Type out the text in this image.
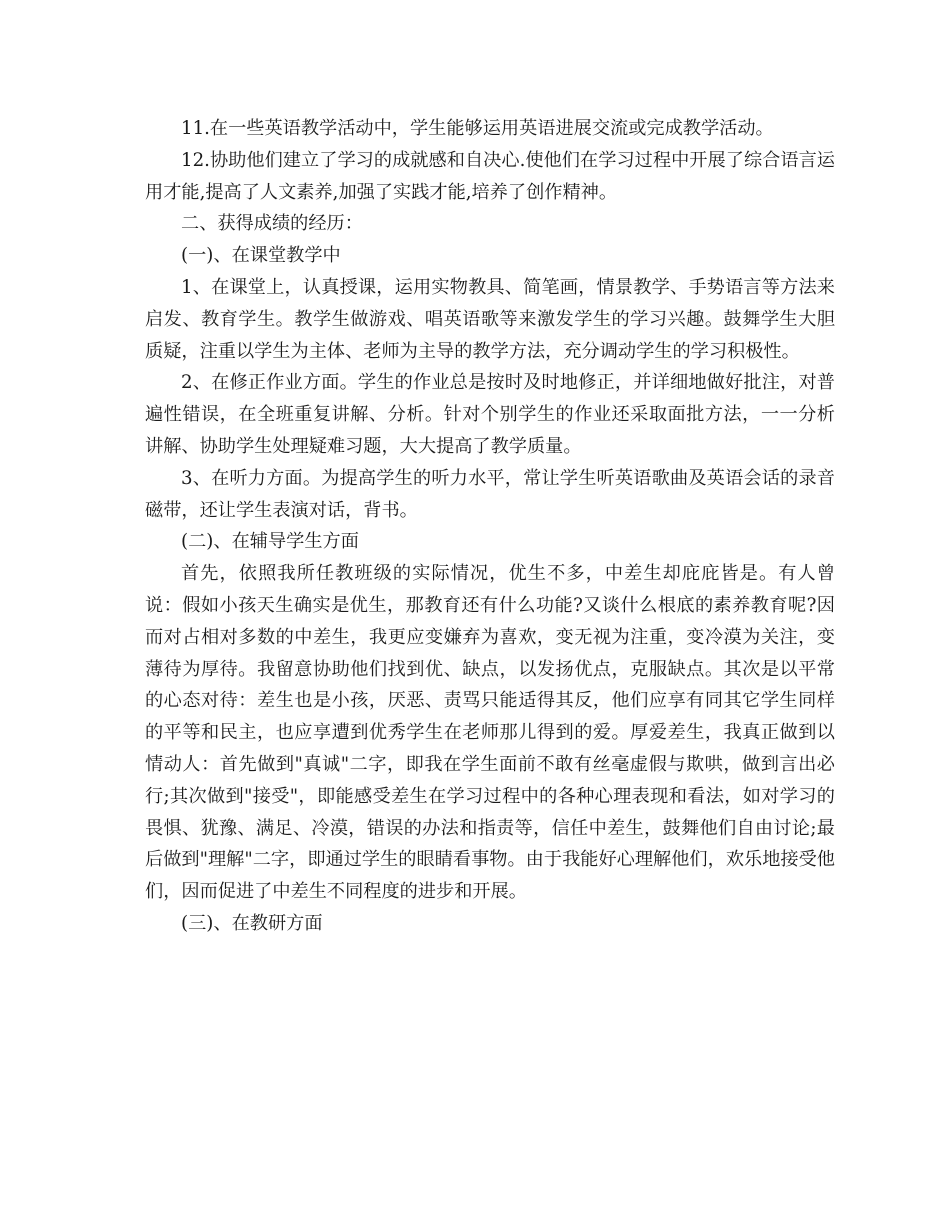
11.在一些英语教学活动中，学生能够运用英语进展交流或完成教学活动。

12.协助他们建立了学习的成就感和自决心.使他们在学习过程中开展了综合语言运用才能,提高了人文素养,加强了实践才能,培养了创作精神。

二、获得成绩的经历：

(一)、在课堂教学中

1、在课堂上，认真授课，运用实物教具、简笔画，情景教学、手势语言等方法来启发、教育学生。教学生做游戏、唱英语歌等来激发学生的学习兴趣。鼓舞学生大胆质疑，注重以学生为主体、老师为主导的教学方法，充分调动学生的学习积极性。

2、在修正作业方面。学生的作业总是按时及时地修正，并详细地做好批注，对普遍性错误，在全班重复讲解、分析。针对个别学生的作业还采取面批方法，一一分析讲解、协助学生处理疑难习题，大大提高了教学质量。

3、在听力方面。为提高学生的听力水平，常让学生听英语歌曲及英语会话的录音磁带，还让学生表演对话，背书。

(二)、在辅导学生方面

首先，依照我所任教班级的实际情况，优生不多，中差生却庇庇皆是。有人曾说：假如小孩天生确实是优生，那教育还有什么功能?又谈什么根底的素养教育呢?因而对占相对多数的中差生，我更应变嫌弃为喜欢，变无视为注重，变冷漠为关注，变薄待为厚待。我留意协助他们找到优、缺点，以发扬优点，克服缺点。其次是以平常的心态对待：差生也是小孩，厌恶、责骂只能适得其反，他们应享有同其它学生同样的平等和民主，也应享遭到优秀学生在老师那儿得到的爱。厚爱差生，我真正做到以情动人：首先做到"真诚"二字，即我在学生面前不敢有丝毫虚假与欺哄，做到言出必行;其次做到"接受"，即能感受差生在学习过程中的各种心理表现和看法，如对学习的畏惧、犹豫、满足、冷漠，错误的办法和指责等，信任中差生，鼓舞他们自由讨论;最后做到"理解"二字，即通过学生的眼睛看事物。由于我能好心理解他们，欢乐地接受他们，因而促进了中差生不同程度的进步和开展。

(三)、在教研方面
